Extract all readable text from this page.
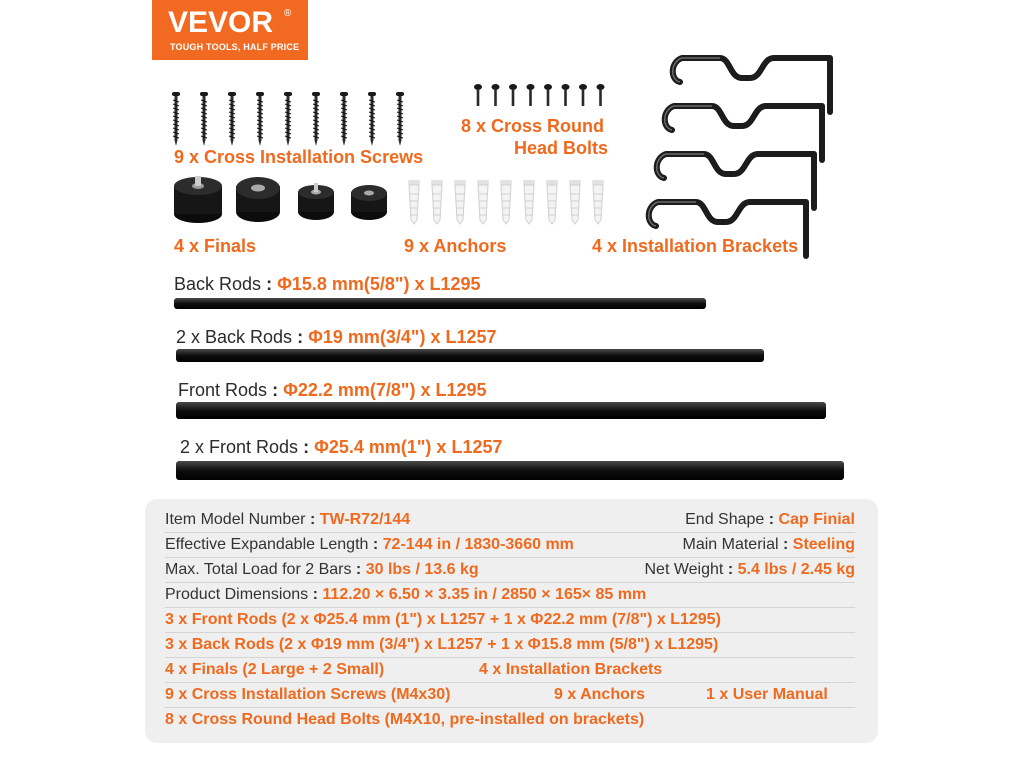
VEVOR ®
TOUGH TOOLS, HALF PRICE
9 x Cross Installation Screws
8 x Cross Round
Head Bolts
4 x Finals	9 x Anchors	4 x Installation Brackets
Back Rods : Φ15.8 mm(5/8") x L1295
2 x Back Rods : Φ19 mm(3/4") x L1257
Front Rods : Φ22.2 mm(7/8") x L1295
2 x Front Rods : Φ25.4 mm(1") x L1257
Item Model Number : TW-R72/144	End Shape : Cap Finial
Effective Expandable Length : 72-144 in / 1830-3660 mm	Main Material : Steeling
Max. Total Load for 2 Bars : 30 lbs / 13.6 kg	Net Weight : 5.4 lbs / 2.45 kg
Product Dimensions : 112.20 × 6.50 × 3.35 in / 2850 × 165× 85 mm
3 x Front Rods (2 x Φ25.4 mm (1") x L1257 + 1 x Φ22.2 mm (7/8") x L1295)
3 x Back Rods (2 x Φ19 mm (3/4") x L1257 + 1 x Φ15.8 mm (5/8") x L1295)
4 x Finals (2 Large + 2 Small)	4 x Installation Brackets
9 x Cross Installation Screws (M4x30)	9 x Anchors	1 x User Manual
8 x Cross Round Head Bolts (M4X10, pre-installed on brackets)
